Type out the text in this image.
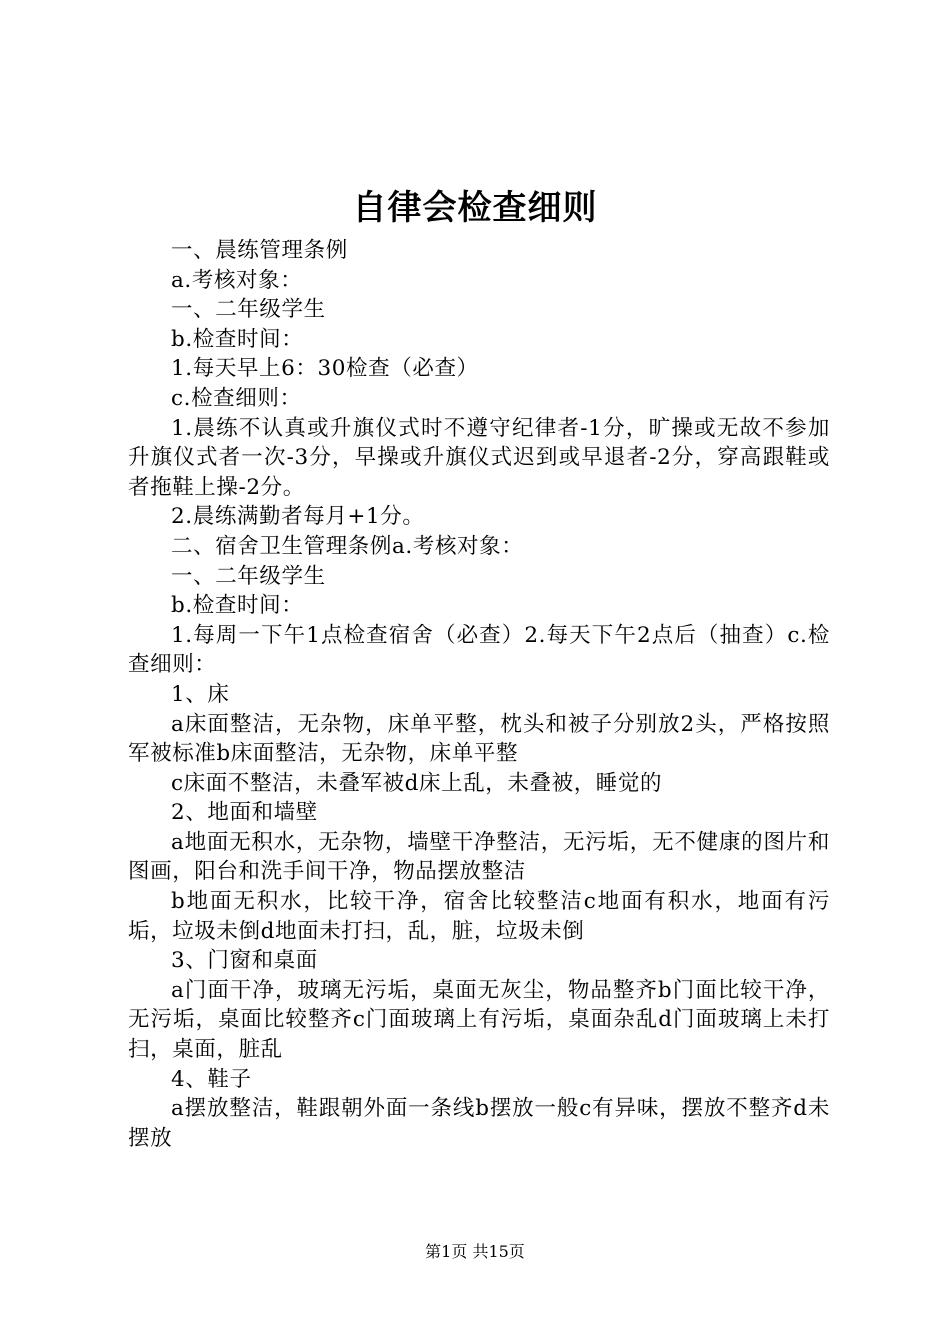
自律会检查细则

一、晨练管理条例

a.考核对象：

一、二年级学生

b.检查时间：

1.每天早上6：30检查（必查）

c.检查细则：

1.晨练不认真或升旗仪式时不遵守纪律者-1分，旷操或无故不参加升旗仪式者一次-3分，早操或升旗仪式迟到或早退者-2分，穿高跟鞋或者拖鞋上操-2分。

2.晨练满勤者每月+1分。

二、宿舍卫生管理条例a.考核对象：

一、二年级学生

b.检查时间：

1.每周一下午1点检查宿舍（必查）2.每天下午2点后（抽查）c.检查细则：

1、床

a床面整洁，无杂物，床单平整，枕头和被子分别放2头，严格按照军被标准b床面整洁，无杂物，床单平整

c床面不整洁，未叠军被d床上乱，未叠被，睡觉的

2、地面和墙壁

a地面无积水，无杂物，墙壁干净整洁，无污垢，无不健康的图片和图画，阳台和洗手间干净，物品摆放整洁

b地面无积水，比较干净，宿舍比较整洁c地面有积水，地面有污垢，垃圾未倒d地面未打扫，乱，脏，垃圾未倒

3、门窗和桌面

a门面干净，玻璃无污垢，桌面无灰尘，物品整齐b门面比较干净，无污垢，桌面比较整齐c门面玻璃上有污垢，桌面杂乱d门面玻璃上未打扫，桌面，脏乱

4、鞋子

a摆放整洁，鞋跟朝外面一条线b摆放一般c有异味，摆放不整齐d未摆放

第1页 共15页
